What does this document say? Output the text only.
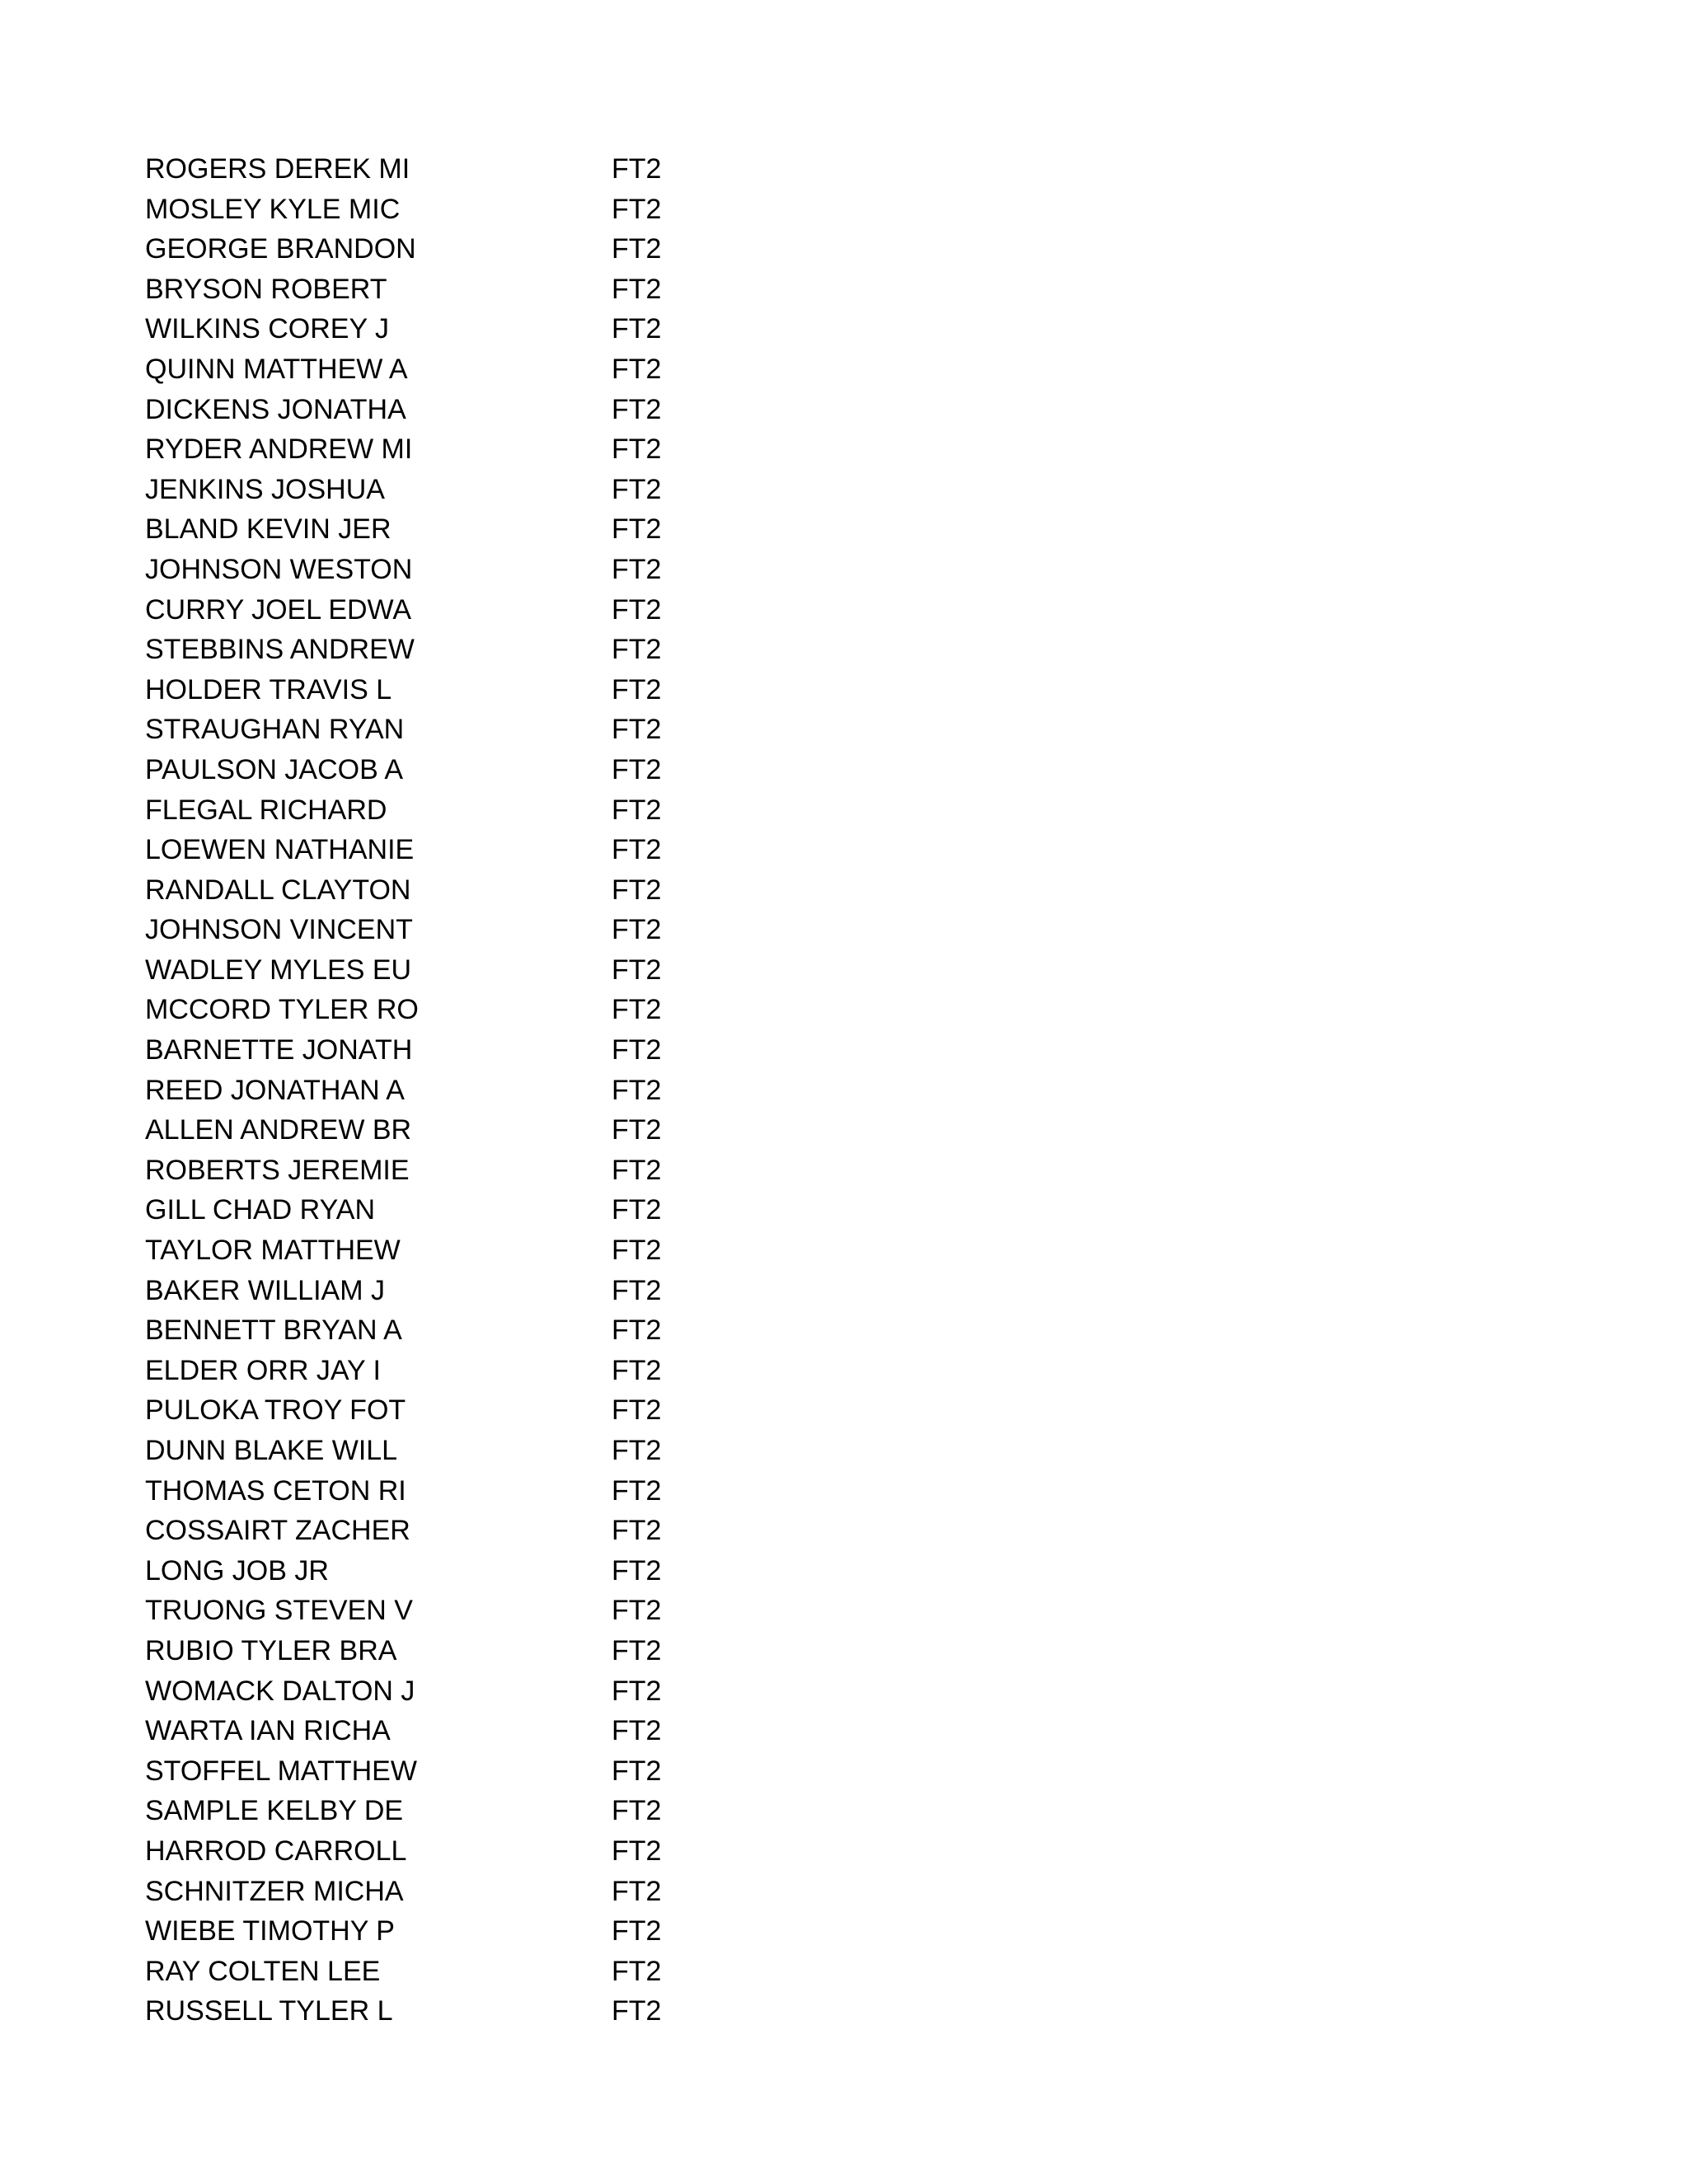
ROGERS DEREK MI	FT2
MOSLEY KYLE MIC	FT2
GEORGE BRANDON	FT2
BRYSON ROBERT	FT2
WILKINS COREY J	FT2
QUINN MATTHEW A	FT2
DICKENS JONATHA	FT2
RYDER ANDREW MI	FT2
JENKINS JOSHUA	FT2
BLAND KEVIN JER	FT2
JOHNSON WESTON	FT2
CURRY JOEL EDWA	FT2
STEBBINS ANDREW	FT2
HOLDER TRAVIS L	FT2
STRAUGHAN RYAN	FT2
PAULSON JACOB A	FT2
FLEGAL RICHARD	FT2
LOEWEN NATHANIE	FT2
RANDALL CLAYTON	FT2
JOHNSON VINCENT	FT2
WADLEY MYLES EU	FT2
MCCORD TYLER RO	FT2
BARNETTE JONATH	FT2
REED JONATHAN A	FT2
ALLEN ANDREW BR	FT2
ROBERTS JEREMIE	FT2
GILL CHAD RYAN	FT2
TAYLOR MATTHEW	FT2
BAKER WILLIAM J	FT2
BENNETT BRYAN A	FT2
ELDER ORR JAY I	FT2
PULOKA TROY FOT	FT2
DUNN BLAKE WILL	FT2
THOMAS CETON RI	FT2
COSSAIRT ZACHER	FT2
LONG JOB JR	FT2
TRUONG STEVEN V	FT2
RUBIO TYLER BRA	FT2
WOMACK DALTON J	FT2
WARTA IAN RICHA	FT2
STOFFEL MATTHEW	FT2
SAMPLE KELBY DE	FT2
HARROD CARROLL	FT2
SCHNITZER MICHA	FT2
WIEBE TIMOTHY P	FT2
RAY COLTEN LEE	FT2
RUSSELL TYLER L	FT2
